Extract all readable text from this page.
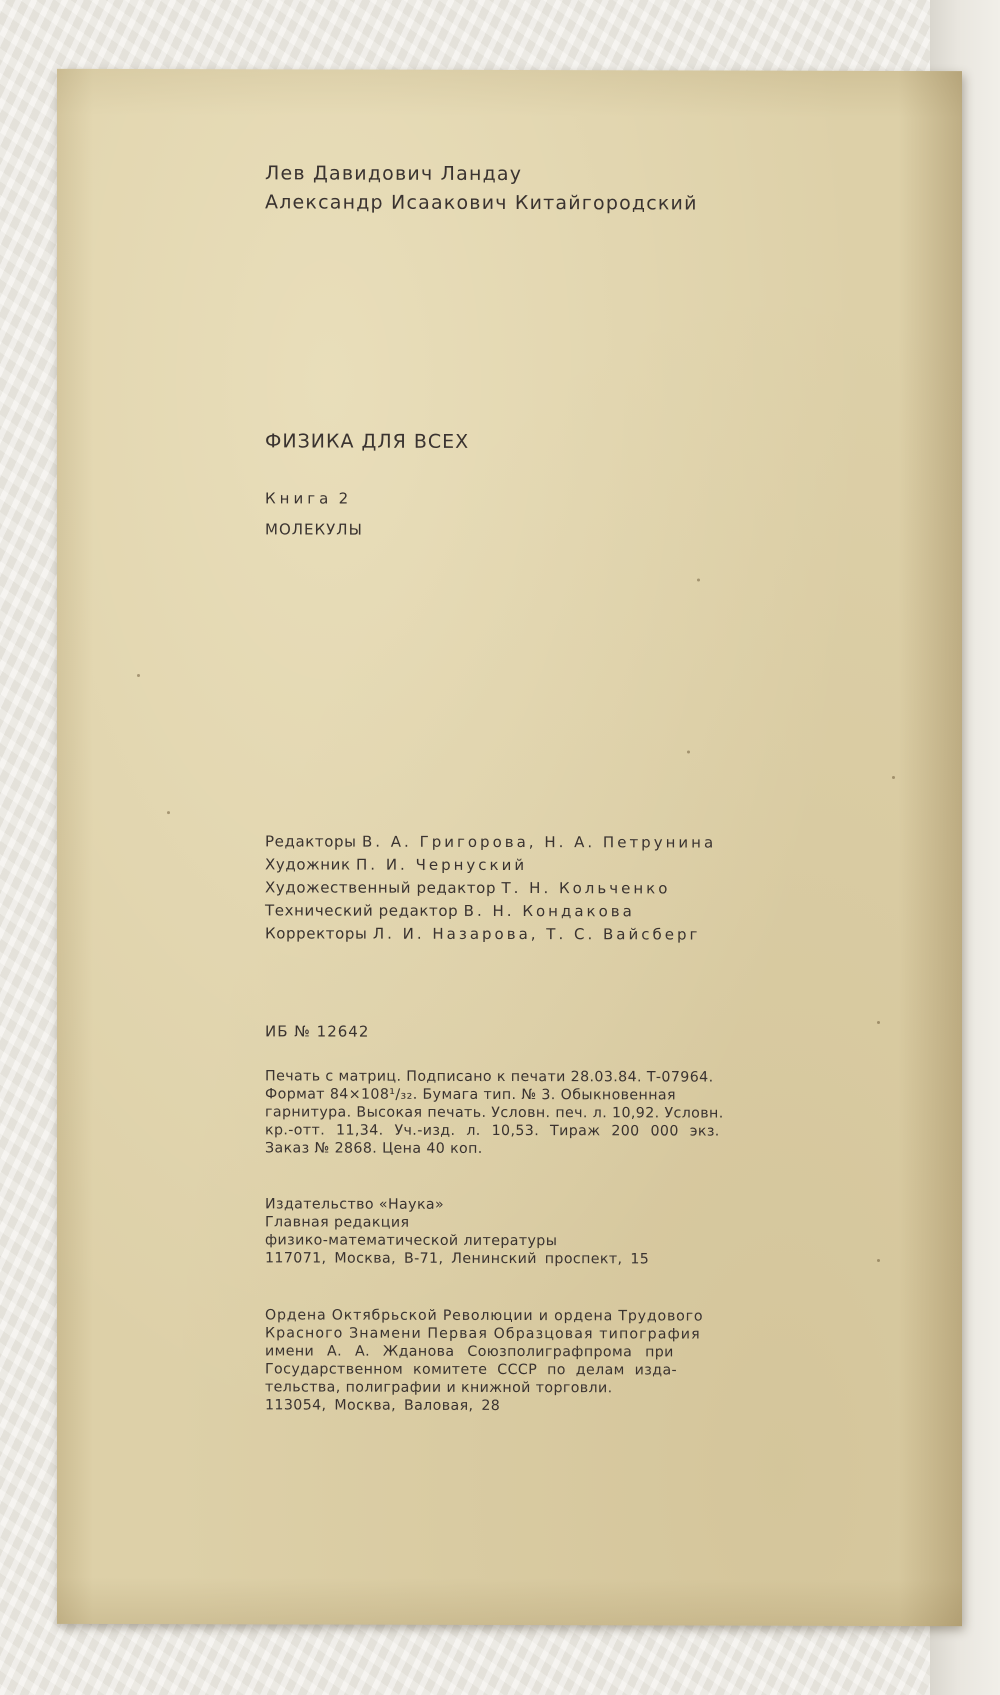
Лев Давидович Ландау
Александр Исаакович Китайгородский
ФИЗИКА ДЛЯ ВСЕХ
Книга 2
МОЛЕКУЛЫ
Редакторы В. А. Григорова, Н. А. Петрунина
Художник П. И. Чернуский
Художественный редактор Т. Н. Кольченко
Технический редактор В. Н. Кондакова
Корректоры Л. И. Назарова, Т. С. Вайсберг
ИБ № 12642
Печать с матриц. Подписано к печати 28.03.84. Т-07964.
Формат 84×108¹/₃₂. Бумага тип. № 3. Обыкновенная
гарнитура. Высокая печать. Условн. печ. л. 10,92. Условн.
кр.-отт. 11,34. Уч.-изд. л. 10,53. Тираж 200 000 экз.
Заказ № 2868. Цена 40 коп.
Издательство «Наука»
Главная редакция
физико-математической литературы
117071, Москва, В-71, Ленинский проспект, 15
Ордена Октябрьской Революции и ордена Трудового
Красного Знамени Первая Образцовая типография
имени А. А. Жданова Союзполиграфпрома при
Государственном комитете СССР по делам изда-
тельства, полиграфии и книжной торговли.
113054, Москва, Валовая, 28
